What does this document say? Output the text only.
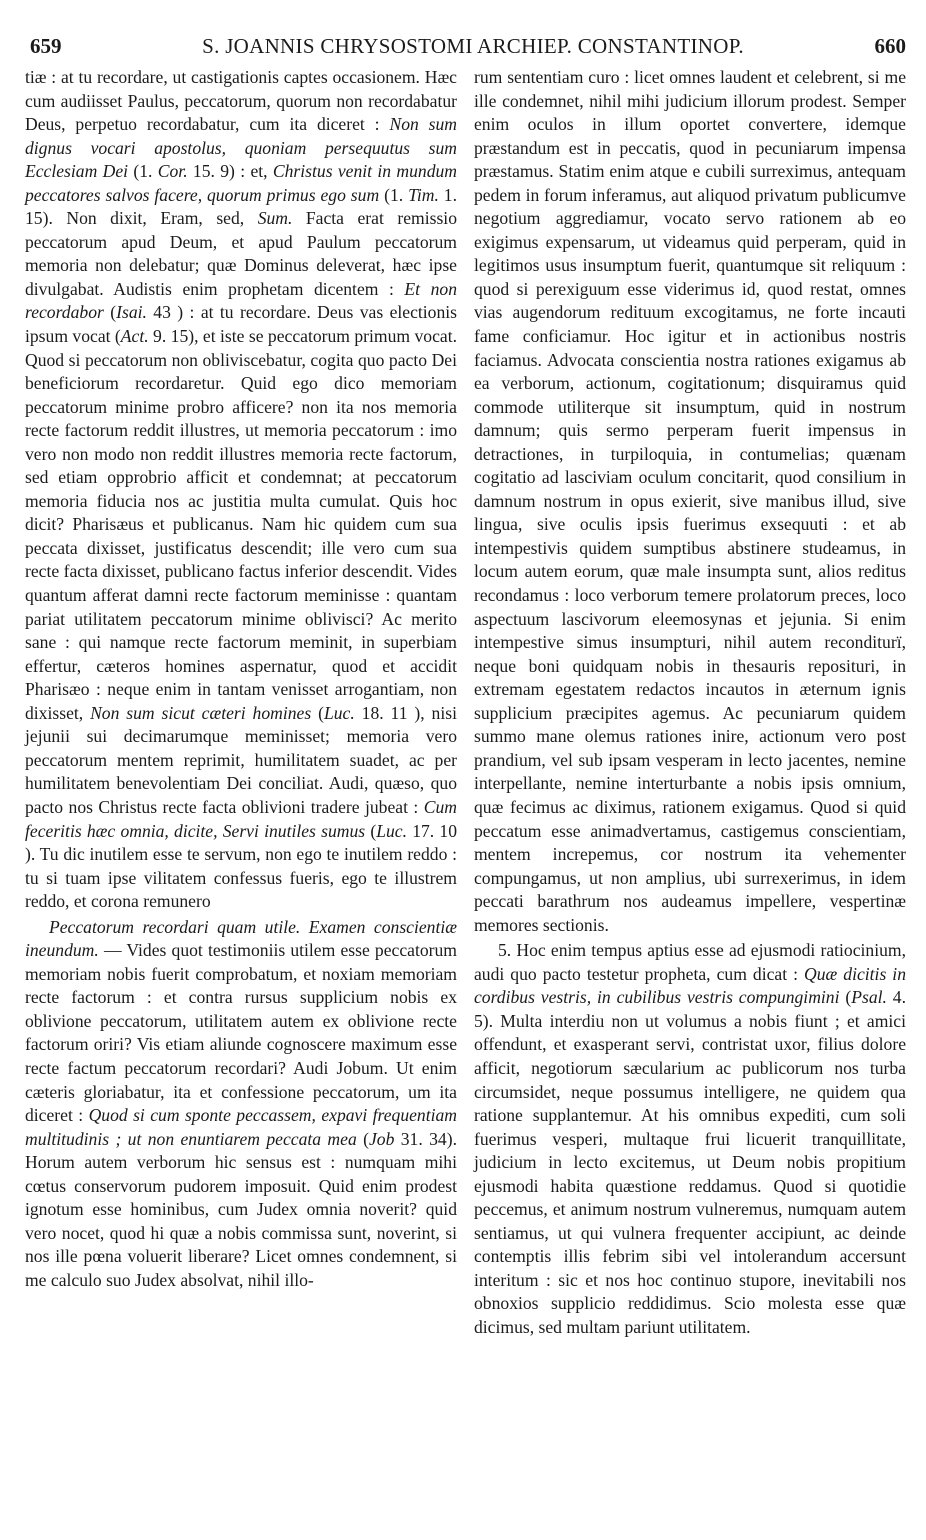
659	S. JOANNIS CHRYSOSTOMI ARCHIEP. CONSTANTINOP.	660

tiæ : at tu recordare, ut castigationis captes occasionem. Hæc cum audiisset Paulus, peccatorum, quorum non recordabatur Deus, perpetuo recordabatur, cum ita diceret : Non sum dignus vocari apostolus, quoniam persequutus sum Ecclesiam Dei (1. Cor. 15. 9) : et, Christus venit in mundum peccatores salvos facere, quorum primus ego sum (1. Tim. 1. 15). Non dixit, Eram, sed, Sum. Facta erat remissio peccatorum apud Deum, et apud Paulum peccatorum memoria non delebatur; quæ Dominus deleverat, hæc ipse divulgabat. Audistis enim prophetam dicentem : Et non recordabor (Isai. 43 ) : at tu recordare. Deus vas electionis ipsum vocat (Act. 9. 15), et iste se peccatorum primum vocat. Quod si peccatorum non obliviscebatur, cogita quo pacto Dei beneficiorum recordaretur. Quid ego dico memoriam peccatorum minime probro afficere? non ita nos memoria recte factorum reddit illustres, ut memoria peccatorum : imo vero non modo non reddit illustres memoria recte factorum, sed etiam opprobrio afficit et condemnat; at peccatorum memoria fiducia nos ac justitia multa cumulat. Quis hoc dicit? Pharisæus et publicanus. Nam hic quidem cum sua peccata dixisset, justificatus descendit; ille vero cum sua recte facta dixisset, publicano factus inferior descendit. Vides quantum afferat damni recte factorum meminisse : quantam pariat utilitatem peccatorum minime oblivisci? Ac merito sane : qui namque recte factorum meminit, in superbiam effertur, cæteros homines aspernatur, quod et accidit Pharisæo : neque enim in tantam venisset arrogantiam, non dixisset, Non sum sicut cæteri homines (Luc. 18. 11 ), nisi jejunii sui decimarumque meminisset; memoria vero peccatorum mentem reprimit, humilitatem suadet, ac per humilitatem benevolentiam Dei conciliat. Audi, quæso, quo pacto nos Christus recte facta oblivioni tradere jubeat : Cum feceritis hæc omnia, dicite, Servi inutiles sumus (Luc. 17. 10 ). Tu dic inutilem esse te servum, non ego te inutilem reddo : tu si tuam ipse vilitatem confessus fueris, ego te illustrem reddo, et corona remunero

Peccatorum recordari quam utile. Examen conscientiæ ineundum. — Vides quot testimoniis utilem esse peccatorum memoriam nobis fuerit comprobatum, et noxiam memoriam recte factorum : et contra rursus supplicium nobis ex oblivione peccatorum, utilitatem autem ex oblivione recte factorum oriri? Vis etiam aliunde cognoscere maximum esse recte factum peccatorum recordari? Audi Jobum. Ut enim cæteris gloriabatur, ita et confessione peccatorum, um ita diceret : Quod si cum sponte peccassem, expavi frequentiam multitudinis ; ut non enuntiarem peccata mea (Job 31. 34). Horum autem verborum hic sensus est : numquam mihi cœtus conservorum pudorem imposuit. Quid enim prodest ignotum esse hominibus, cum Judex omnia noverit? quid vero nocet, quod hi quæ a nobis commissa sunt, noverint, si nos ille pœna voluerit liberare? Licet omnes condemnent, si me calculo suo Judex absolvat, nihil illo-

rum sententiam curo : licet omnes laudent et celebrent, si me ille condemnet, nihil mihi judicium illorum prodest. Semper enim oculos in illum oportet convertere, idemque præstandum est in peccatis, quod in pecuniarum impensa præstamus. Statim enim atque e cubili surreximus, antequam pedem in forum inferamus, aut aliquod privatum publicumve negotium aggrediamur, vocato servo rationem ab eo exigimus expensarum, ut videamus quid perperam, quid in legitimos usus insumptum fuerit, quantumque sit reliquum : quod si perexiguum esse viderimus id, quod restat, omnes vias augendorum redituum excogitamus, ne forte incauti fame conficiamur. Hoc igitur et in actionibus nostris faciamus. Advocata conscientia nostra rationes exigamus ab ea verborum, actionum, cogitationum; disquiramus quid commode utiliterque sit insumptum, quid in nostrum damnum; quis sermo perperam fuerit impensus in detractiones, in turpiloquia, in contumelias; quænam cogitatio ad lasciviam oculum concitarit, quod consilium in damnum nostrum in opus exierit, sive manibus illud, sive lingua, sive oculis ipsis fuerimus exsequuti : et ab intempestivis quidem sumptibus abstinere studeamus, in locum autem eorum, quæ male insumpta sunt, alios reditus recondamus : loco verborum temere prolatorum preces, loco aspectuum lascivorum eleemosynas et jejunia. Si enim intempestive simus insumpturi, nihil autem reconditurï, neque boni quidquam nobis in thesauris reposituri, in extremam egestatem redactos incautos in æternum ignis supplicium præcipites agemus. Ac pecuniarum quidem summo mane olemus rationes inire, actionum vero post prandium, vel sub ipsam vesperam in lecto jacentes, nemine interpellante, nemine interturbante a nobis ipsis omnium, quæ fecimus ac diximus, rationem exigamus. Quod si quid peccatum esse animadvertamus, castigemus conscientiam, mentem increpemus, cor nostrum ita vehementer compungamus, ut non amplius, ubi surrexerimus, in idem peccati barathrum nos audeamus impellere, vespertinæ memores sectionis.

5. Hoc enim tempus aptius esse ad ejusmodi ratiocinium, audi quo pacto testetur propheta, cum dicat : Quæ dicitis in cordibus vestris, in cubilibus vestris compungimini (Psal. 4. 5). Multa interdiu non ut volumus a nobis fiunt ; et amici offendunt, et exasperant servi, contristat uxor, filius dolore afficit, negotiorum sæcularium ac publicorum nos turba circumsidet, neque possumus intelligere, ne quidem qua ratione supplantemur. At his omnibus expediti, cum soli fuerimus vesperi, multaque frui licuerit tranquillitate, judicium in lecto excitemus, ut Deum nobis propitium ejusmodi habita quæstione reddamus. Quod si quotidie peccemus, et animum nostrum vulneremus, numquam autem sentiamus, ut qui vulnera frequenter accipiunt, ac deinde contemptis illis febrim sibi vel intolerandum accersunt interitum : sic et nos hoc continuo stupore, inevitabili nos obnoxios supplicio reddidimus. Scio molesta esse quæ dicimus, sed multam pariunt utilitatem.
